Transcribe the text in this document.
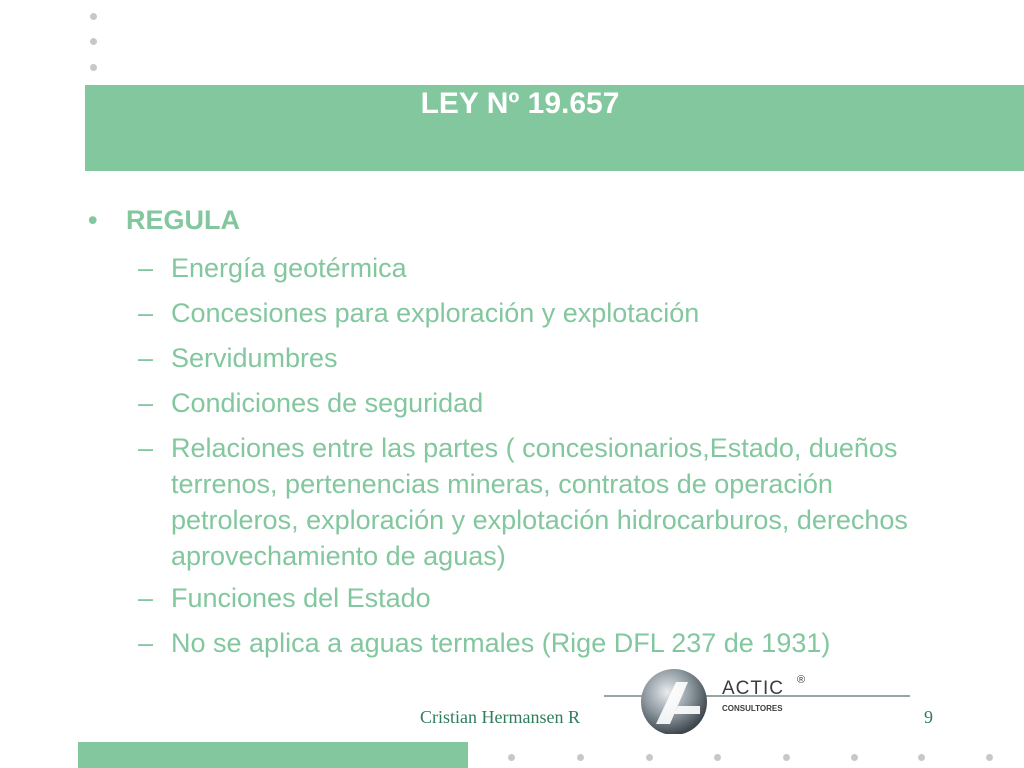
LEY Nº 19.657
• REGULA
– Energía geotérmica
– Concesiones para exploración y explotación
– Servidumbres
– Condiciones de seguridad
– Relaciones entre las partes ( concesionarios,Estado, dueños terrenos, pertenencias mineras, contratos de operación petroleros, exploración y explotación hidrocarburos, derechos aprovechamiento de aguas)
– Funciones del Estado
– No se aplica a aguas termales (Rige DFL 237 de 1931)
ACTIC ®
CONSULTORES
Cristian Hermansen R	9
